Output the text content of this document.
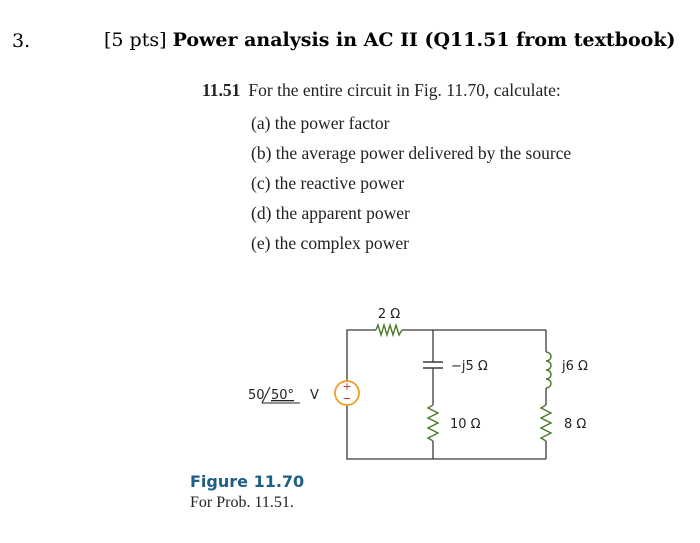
3.	[5 pts] Power analysis in AC II (Q11.51 from textbook)
11.51 For the entire circuit in Fig. 11.70, calculate:
(a) the power factor
(b) the average power delivered by the source
(c) the reactive power
(d) the apparent power
(e) the complex power
+
−
2 Ω
50 50° V
−j5 Ω
10 Ω
j6 Ω
8 Ω
Figure 11.70
For Prob. 11.51.
